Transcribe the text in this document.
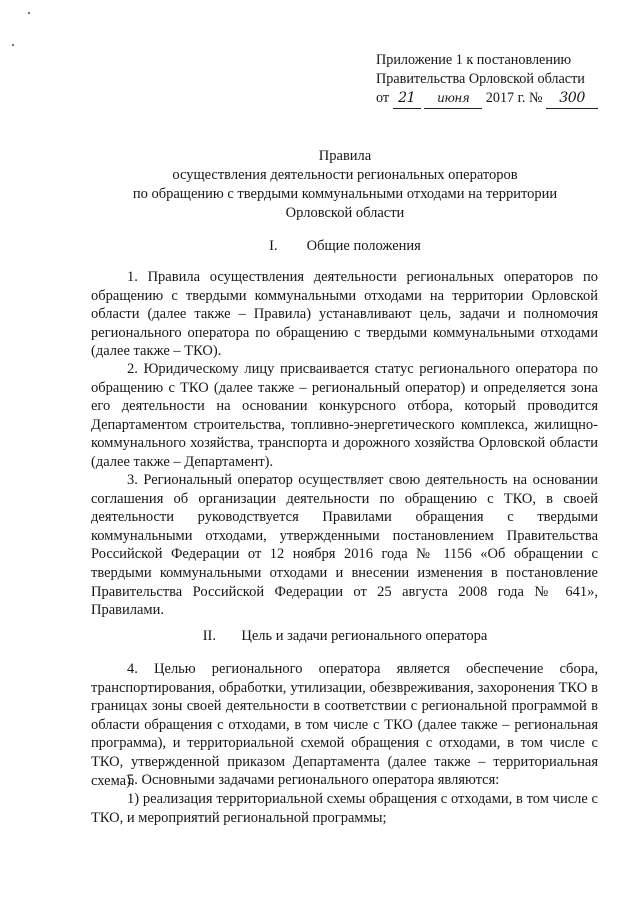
Приложение 1 к постановлению
Правительства Орловской области
от 21 июня 2017 г. № 300
Правила
осуществления деятельности региональных операторов
по обращению с твердыми коммунальными отходами на территории
Орловской области
I.        Общие положения
1. Правила осуществления деятельности региональных операторов по обращению с твердыми коммунальными отходами на территории Орловской области (далее также – Правила) устанавливают цель, задачи и полномочия регионального оператора по обращению с твердыми коммунальными отходами (далее также – ТКО).
2. Юридическому лицу присваивается статус регионального оператора по обращению с ТКО (далее также – региональный оператор) и определяется зона его деятельности на основании конкурсного отбора, который проводится Департаментом строительства, топливно-энергетического комплекса, жилищно-коммунального хозяйства, транспорта и дорожного хозяйства Орловской области (далее также – Департамент).
3. Региональный оператор осуществляет свою деятельность на основании соглашения об организации деятельности по обращению с ТКО, в своей деятельности руководствуется Правилами обращения с твердыми коммунальными отходами, утвержденными постановлением Правительства Российской Федерации от 12 ноября 2016 года № 1156 «Об обращении с твердыми коммунальными отходами и внесении изменения в постановление Правительства Российской Федерации от 25 августа 2008 года № 641», Правилами.
II.       Цель и задачи регионального оператора
4. Целью регионального оператора является обеспечение сбора, транспортирования, обработки, утилизации, обезвреживания, захоронения ТКО в границах зоны своей деятельности в соответствии с региональной программой в области обращения с отходами, в том числе с ТКО (далее также – региональная программа), и территориальной схемой обращения с отходами, в том числе с ТКО, утвержденной приказом Департамента (далее также – территориальная схема).
5. Основными задачами регионального оператора являются:
1) реализация территориальной схемы обращения с отходами, в том числе с ТКО, и мероприятий региональной программы;
